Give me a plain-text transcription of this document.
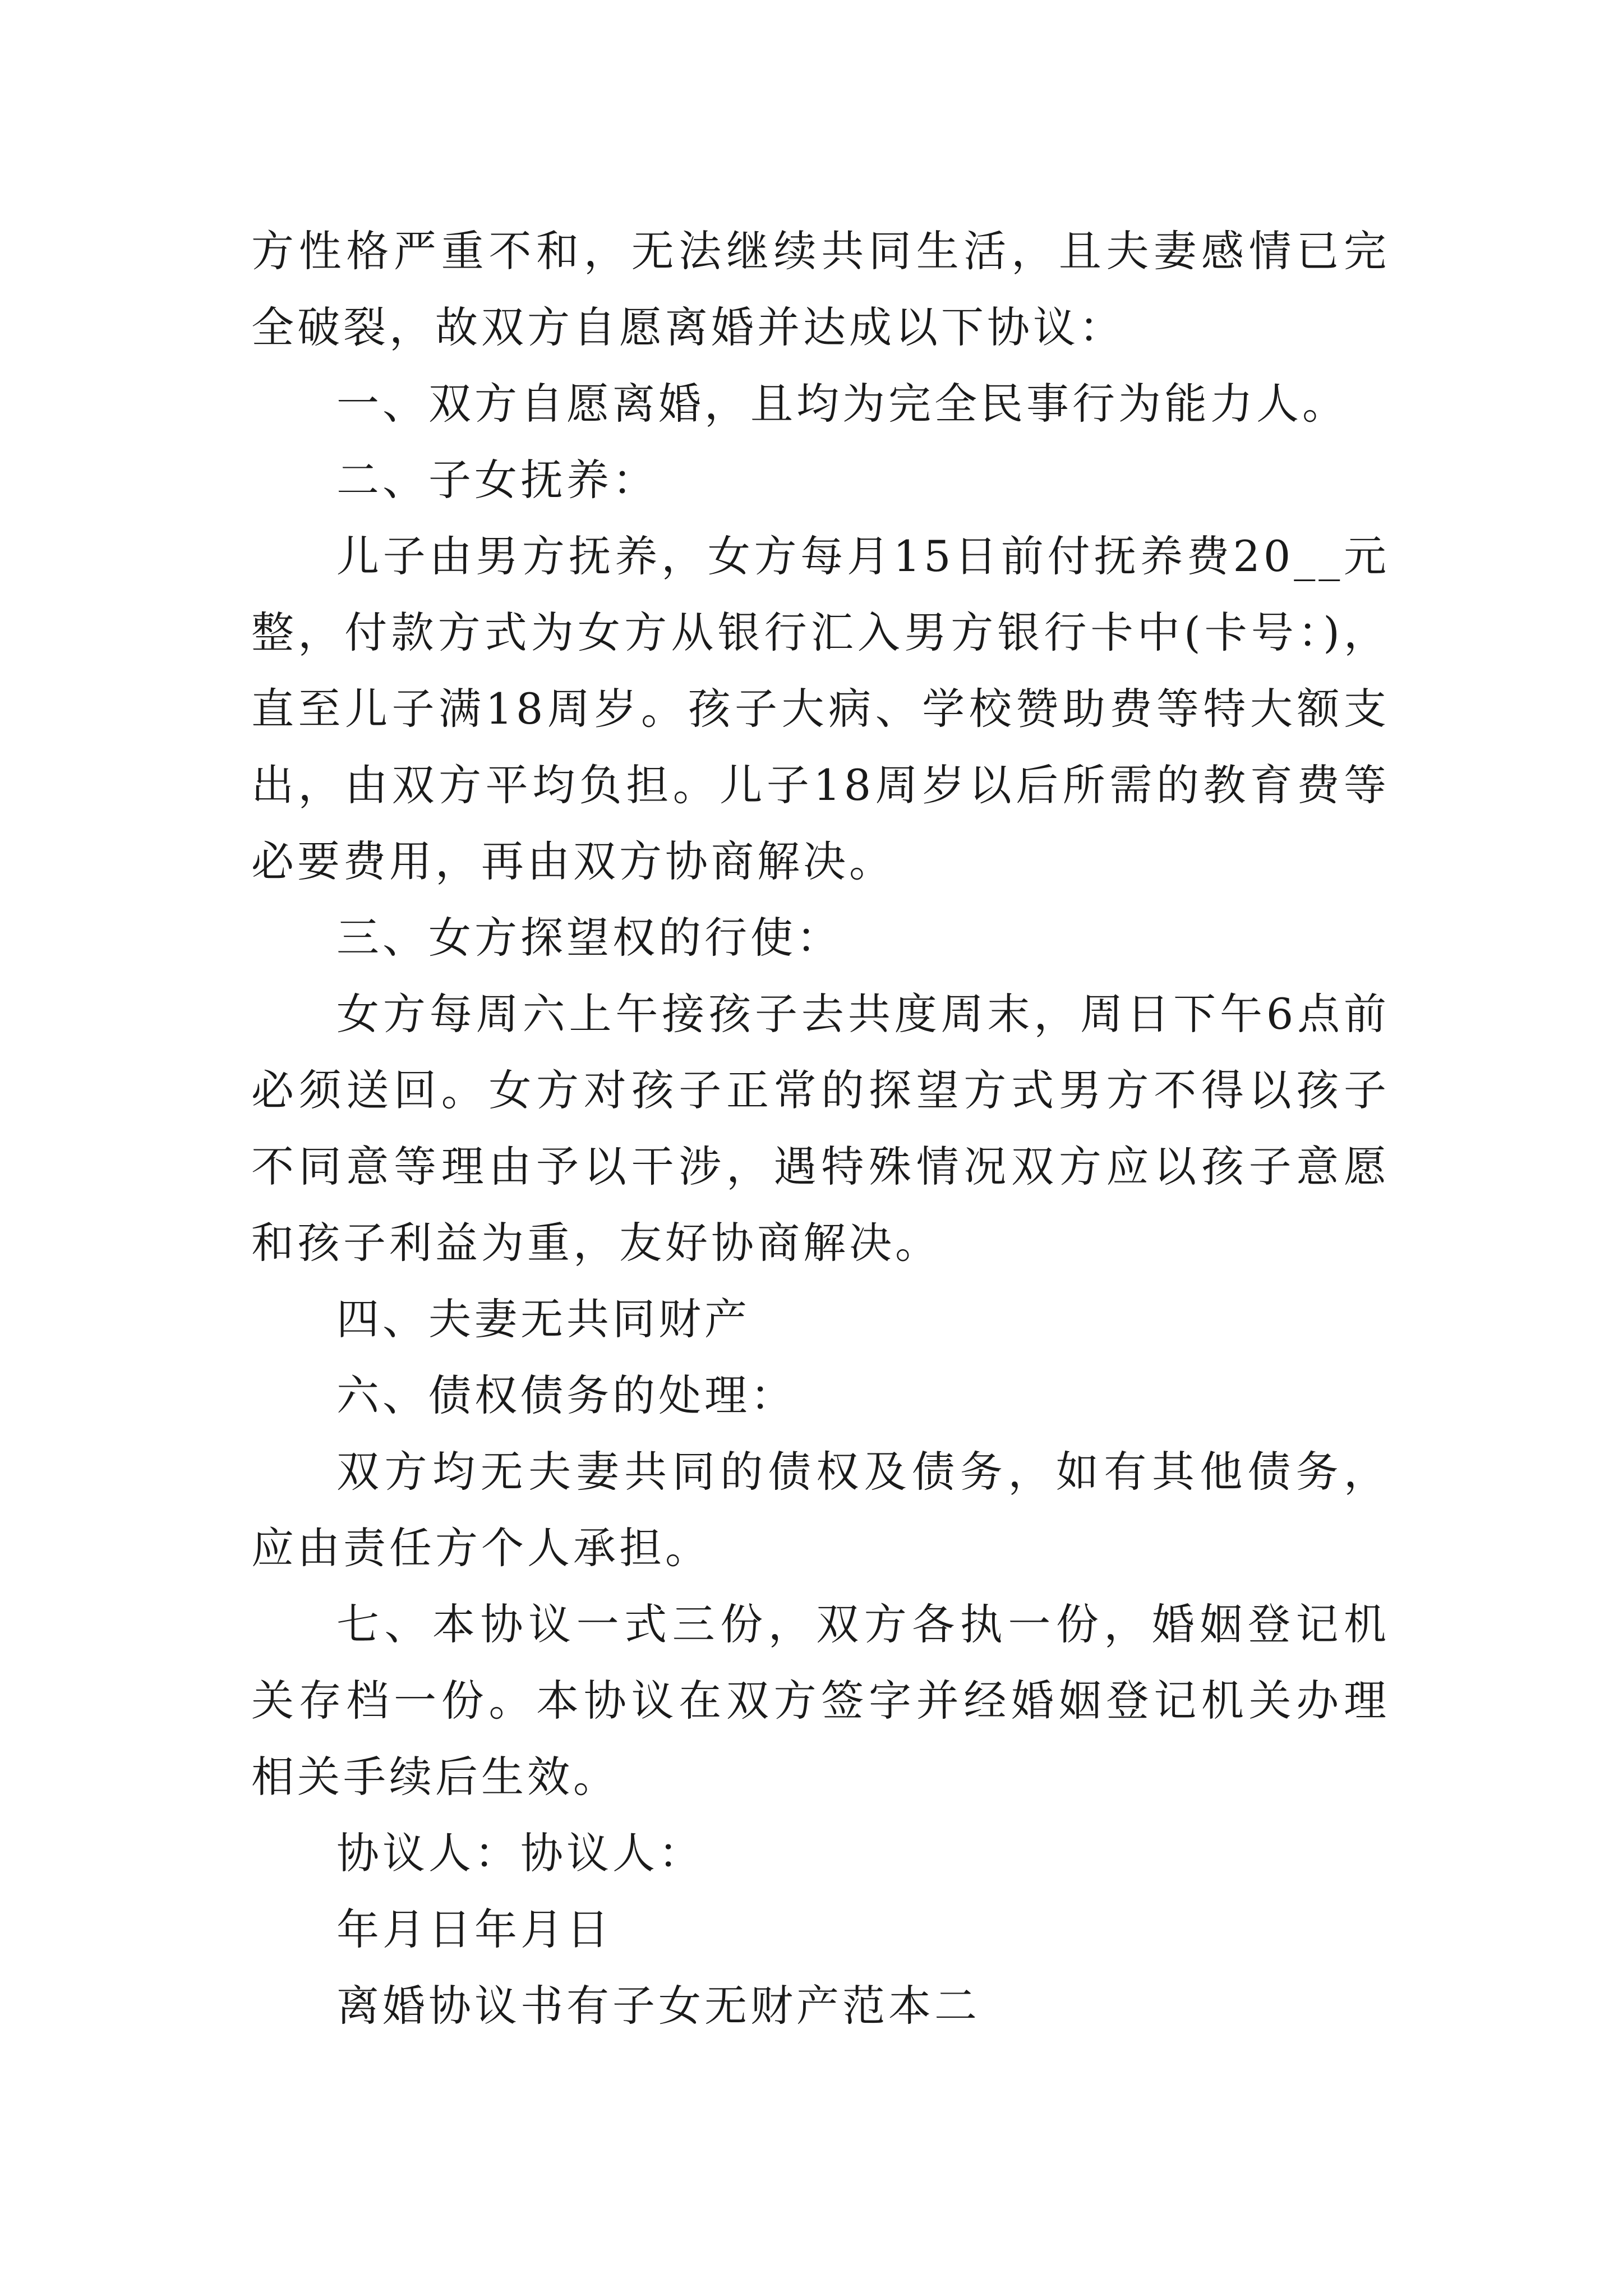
方性格严重不和，无法继续共同生活，且夫妻感情已完全破裂，故双方自愿离婚并达成以下协议：

一、双方自愿离婚，且均为完全民事行为能力人。

二、子女抚养：

儿子由男方抚养，女方每月15日前付抚养费20__元整，付款方式为女方从银行汇入男方银行卡中(卡号：)，直至儿子满18周岁。孩子大病、学校赞助费等特大额支出，由双方平均负担。儿子18周岁以后所需的教育费等必要费用，再由双方协商解决。

三、女方探望权的行使：

女方每周六上午接孩子去共度周末，周日下午6点前必须送回。女方对孩子正常的探望方式男方不得以孩子不同意等理由予以干涉，遇特殊情况双方应以孩子意愿和孩子利益为重，友好协商解决。

四、夫妻无共同财产

六、债权债务的处理：

双方均无夫妻共同的债权及债务，如有其他债务，应由责任方个人承担。

七、本协议一式三份，双方各执一份，婚姻登记机关存档一份。本协议在双方签字并经婚姻登记机关办理相关手续后生效。

协议人：协议人：

年月日年月日

离婚协议书有子女无财产范本二
